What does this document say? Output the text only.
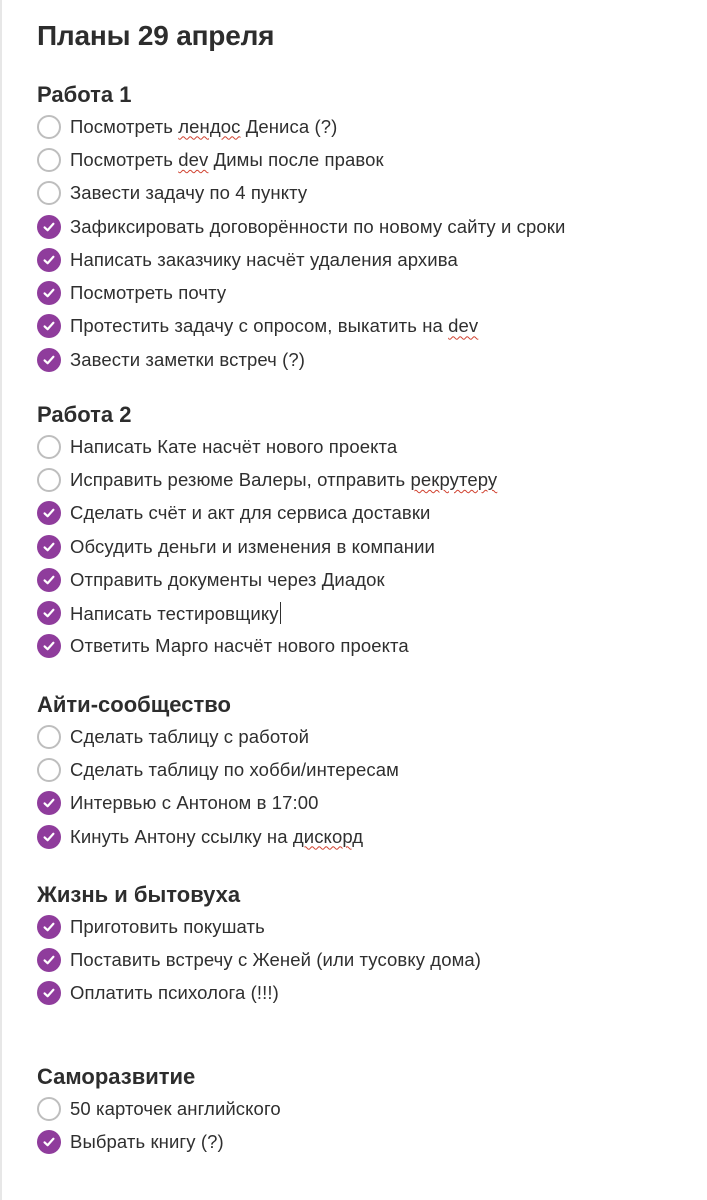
Планы 29 апреля
Работа 1
Посмотреть лендос Дениса (?)
Посмотреть dev Димы после правок
Завести задачу по 4 пункту
Зафиксировать договорённости по новому сайту и сроки
Написать заказчику насчёт удаления архива
Посмотреть почту
Протестить задачу с опросом, выкатить на dev
Завести заметки встреч (?)
Работа 2
Написать Кате насчёт нового проекта
Исправить резюме Валеры, отправить рекрутеру
Сделать счёт и акт для сервиса доставки
Обсудить деньги и изменения в компании
Отправить документы через Диадок
Написать тестировщику
Ответить Марго насчёт нового проекта
Айти-сообщество
Сделать таблицу с работой
Сделать таблицу по хобби/интересам
Интервью с Антоном в 17:00
Кинуть Антону ссылку на дискорд
Жизнь и бытовуха
Приготовить покушать
Поставить встречу с Женей (или тусовку дома)
Оплатить психолога (!!!)
Саморазвитие
50 карточек английского
Выбрать книгу (?)
